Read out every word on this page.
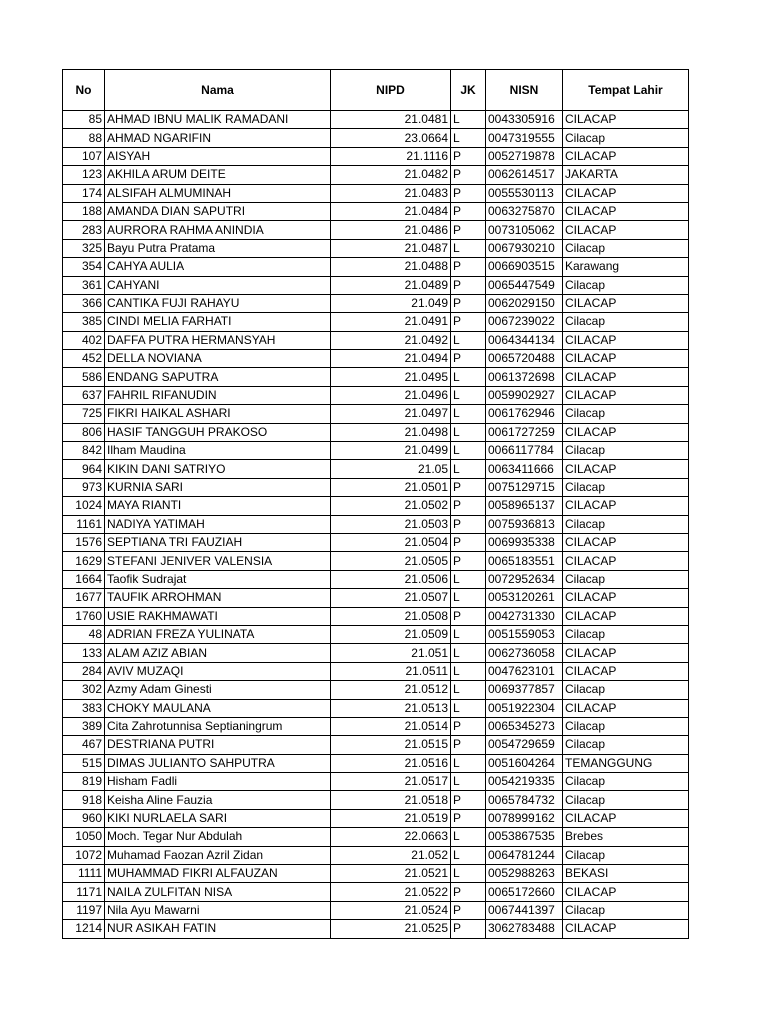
No	Nama	NIPD	JK	NISN	Tempat Lahir
85	AHMAD IBNU MALIK RAMADANI	21.0481	L	0043305916	CILACAP
88	AHMAD NGARIFIN	23.0664	L	0047319555	Cilacap
107	AISYAH	21.1116	P	0052719878	CILACAP
123	AKHILA ARUM DEITE	21.0482	P	0062614517	JAKARTA
174	ALSIFAH ALMUMINAH	21.0483	P	0055530113	CILACAP
188	AMANDA DIAN SAPUTRI	21.0484	P	0063275870	CILACAP
283	AURRORA RAHMA ANINDIA	21.0486	P	0073105062	CILACAP
325	Bayu Putra Pratama	21.0487	L	0067930210	Cilacap
354	CAHYA AULIA	21.0488	P	0066903515	Karawang
361	CAHYANI	21.0489	P	0065447549	Cilacap
366	CANTIKA FUJI RAHAYU	21.049	P	0062029150	CILACAP
385	CINDI MELIA FARHATI	21.0491	P	0067239022	Cilacap
402	DAFFA PUTRA HERMANSYAH	21.0492	L	0064344134	CILACAP
452	DELLA NOVIANA	21.0494	P	0065720488	CILACAP
586	ENDANG SAPUTRA	21.0495	L	0061372698	CILACAP
637	FAHRIL RIFANUDIN	21.0496	L	0059902927	CILACAP
725	FIKRI HAIKAL ASHARI	21.0497	L	0061762946	Cilacap
806	HASIF TANGGUH PRAKOSO	21.0498	L	0061727259	CILACAP
842	Ilham Maudina	21.0499	L	0066117784	Cilacap
964	KIKIN DANI SATRIYO	21.05	L	0063411666	CILACAP
973	KURNIA SARI	21.0501	P	0075129715	Cilacap
1024	MAYA RIANTI	21.0502	P	0058965137	CILACAP
1161	NADIYA YATIMAH	21.0503	P	0075936813	Cilacap
1576	SEPTIANA TRI FAUZIAH	21.0504	P	0069935338	CILACAP
1629	STEFANI JENIVER VALENSIA	21.0505	P	0065183551	CILACAP
1664	Taofik Sudrajat	21.0506	L	0072952634	Cilacap
1677	TAUFIK ARROHMAN	21.0507	L	0053120261	CILACAP
1760	USIE RAKHMAWATI	21.0508	P	0042731330	CILACAP
48	ADRIAN FREZA YULINATA	21.0509	L	0051559053	Cilacap
133	ALAM AZIZ ABIAN	21.051	L	0062736058	CILACAP
284	AVIV MUZAQI	21.0511	L	0047623101	CILACAP
302	Azmy Adam Ginesti	21.0512	L	0069377857	Cilacap
383	CHOKY MAULANA	21.0513	L	0051922304	CILACAP
389	Cita Zahrotunnisa Septianingrum	21.0514	P	0065345273	Cilacap
467	DESTRIANA PUTRI	21.0515	P	0054729659	Cilacap
515	DIMAS JULIANTO SAHPUTRA	21.0516	L	0051604264	TEMANGGUNG
819	Hisham Fadli	21.0517	L	0054219335	Cilacap
918	Keisha Aline Fauzia	21.0518	P	0065784732	Cilacap
960	KIKI NURLAELA SARI	21.0519	P	0078999162	CILACAP
1050	Moch. Tegar Nur Abdulah	22.0663	L	0053867535	Brebes
1072	Muhamad Faozan Azril Zidan	21.052	L	0064781244	Cilacap
1111	MUHAMMAD FIKRI ALFAUZAN	21.0521	L	0052988263	BEKASI
1171	NAILA ZULFITAN NISA	21.0522	P	0065172660	CILACAP
1197	Nila Ayu Mawarni	21.0524	P	0067441397	Cilacap
1214	NUR ASIKAH FATIN	21.0525	P	3062783488	CILACAP
